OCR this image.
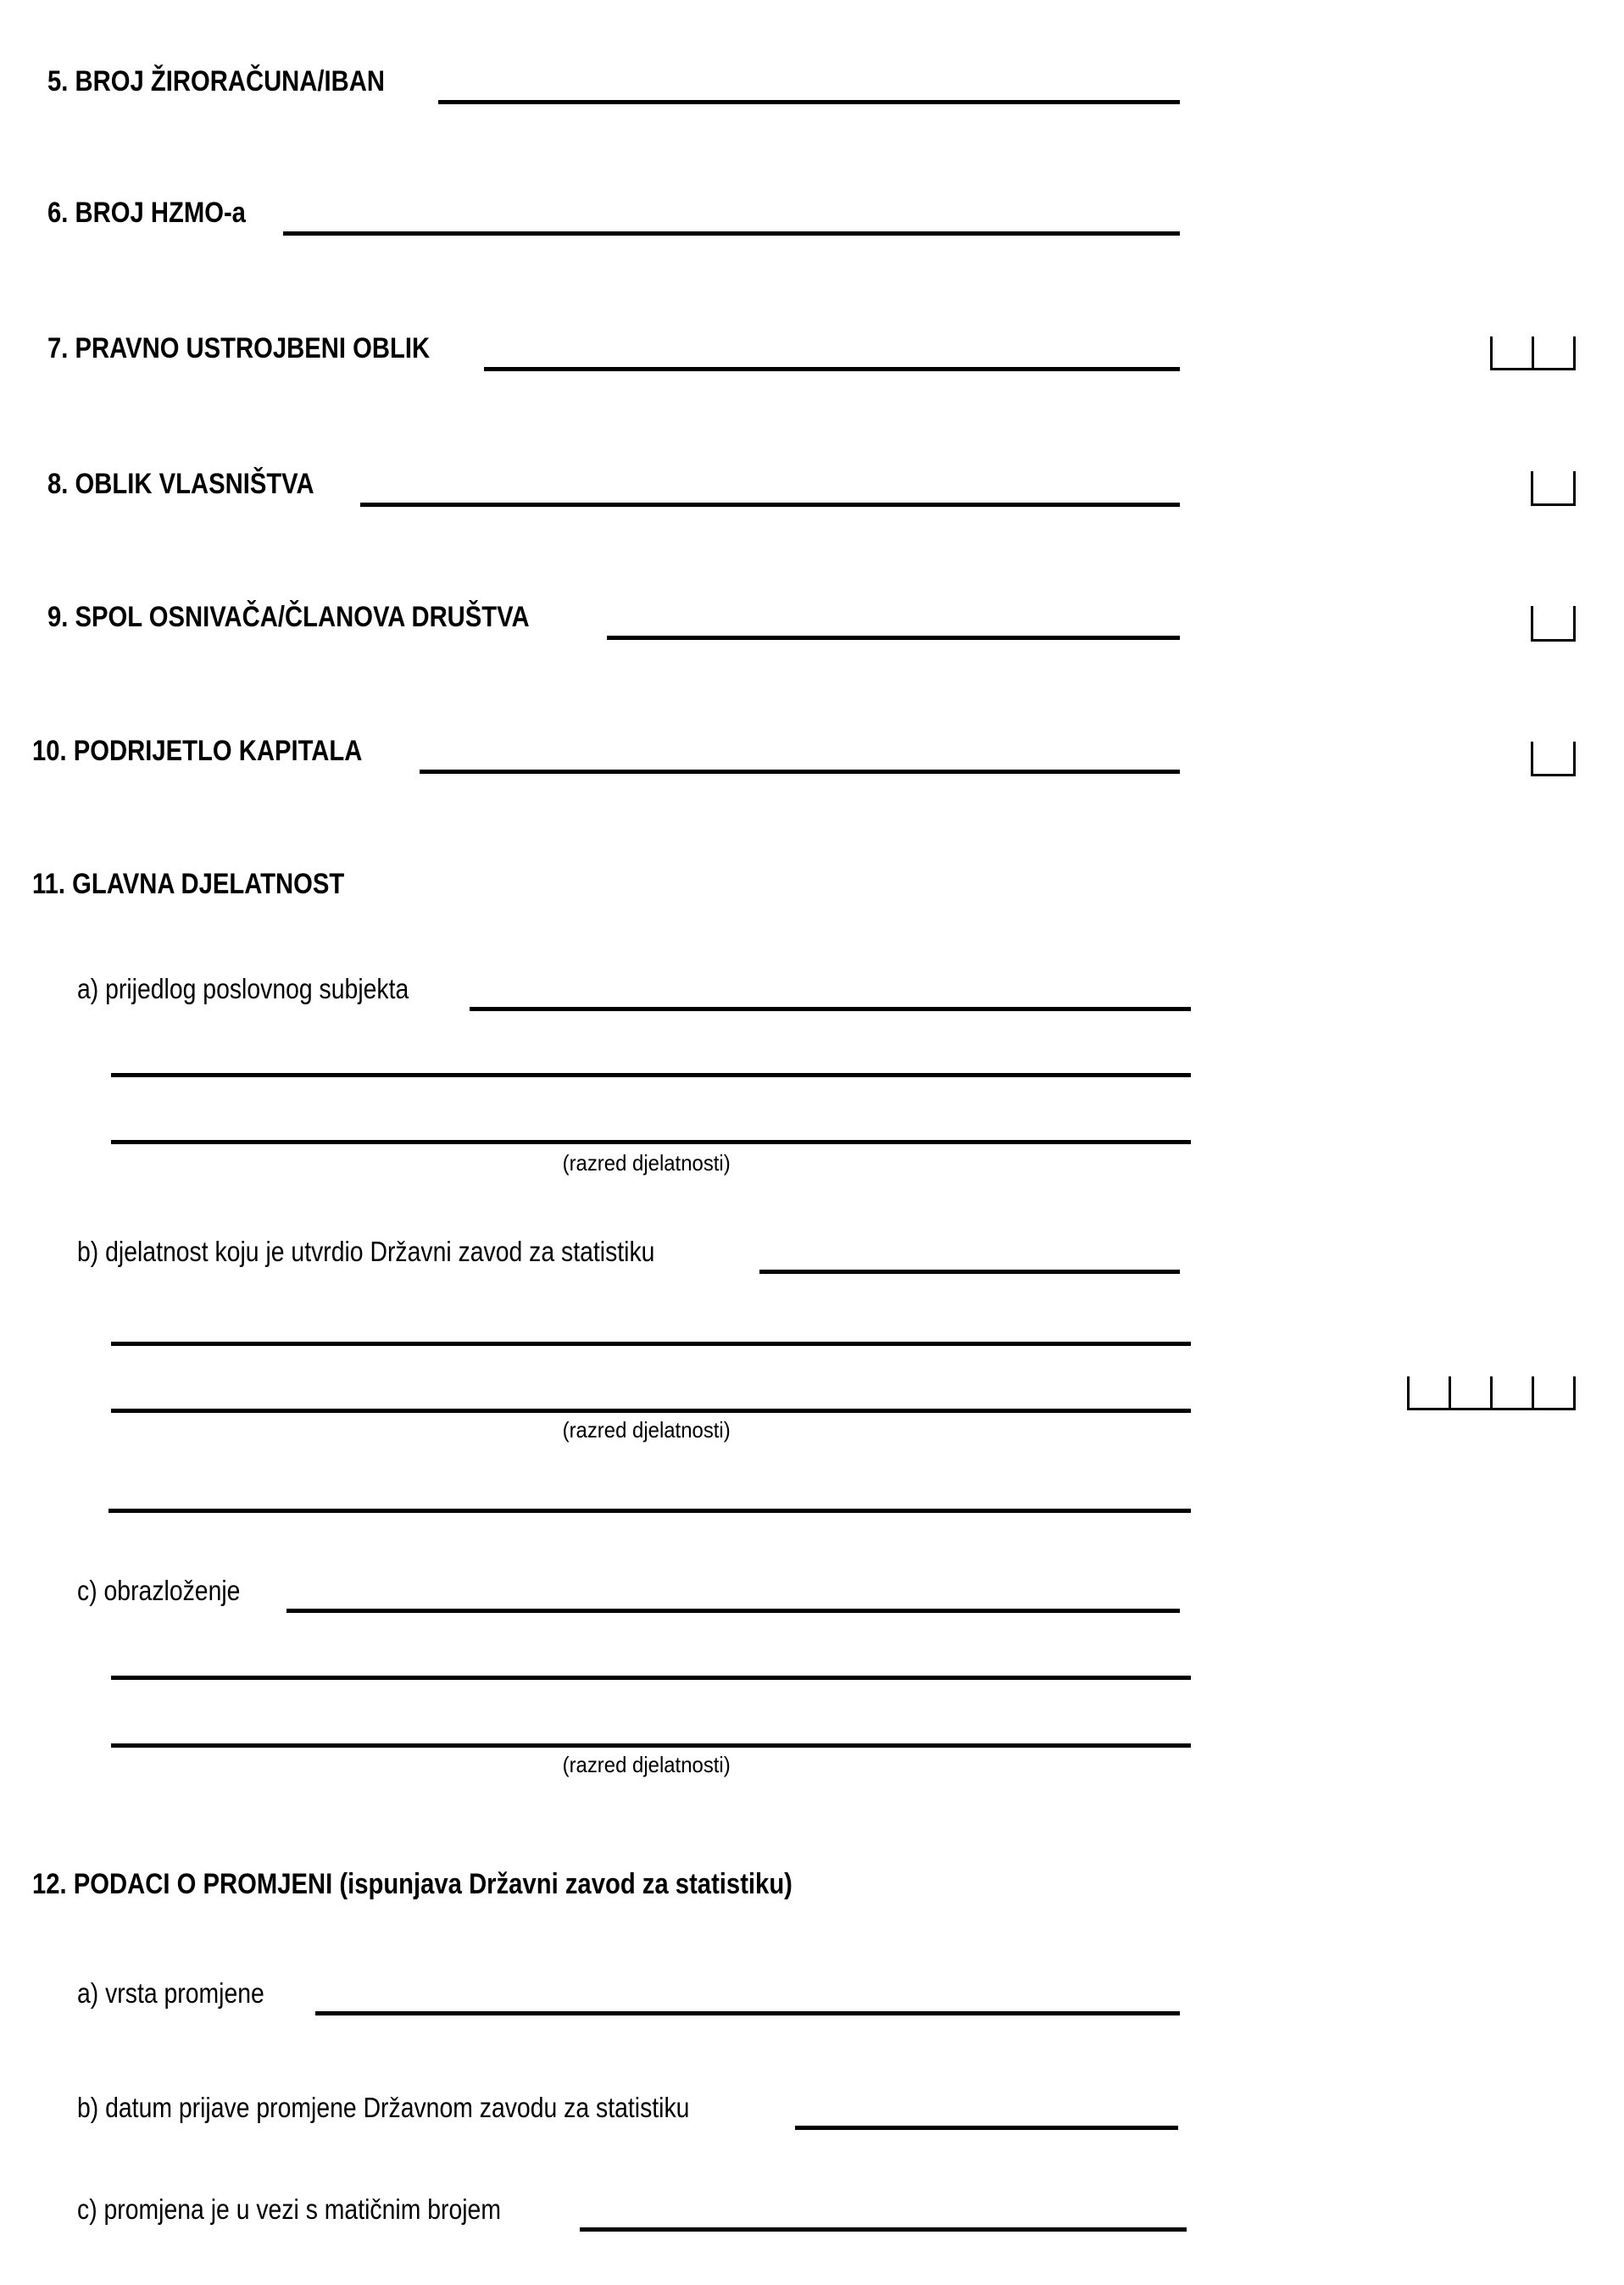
5. BROJ ŽIRORAČUNA/IBAN
6. BROJ HZMO-a
7. PRAVNO USTROJBENI OBLIK
8. OBLIK VLASNIŠTVA
9. SPOL OSNIVAČA/ČLANOVA DRUŠTVA
10. PODRIJETLO KAPITALA
11. GLAVNA DJELATNOST
a) prijedlog poslovnog subjekta
(razred djelatnosti)
b) djelatnost koju je utvrdio Državni zavod za statistiku
(razred djelatnosti)
c) obrazloženje
(razred djelatnosti)
12. PODACI O PROMJENI (ispunjava Državni zavod za statistiku)
a) vrsta promjene
b) datum prijave promjene Državnom zavodu za statistiku
c) promjena je u vezi s matičnim brojem
